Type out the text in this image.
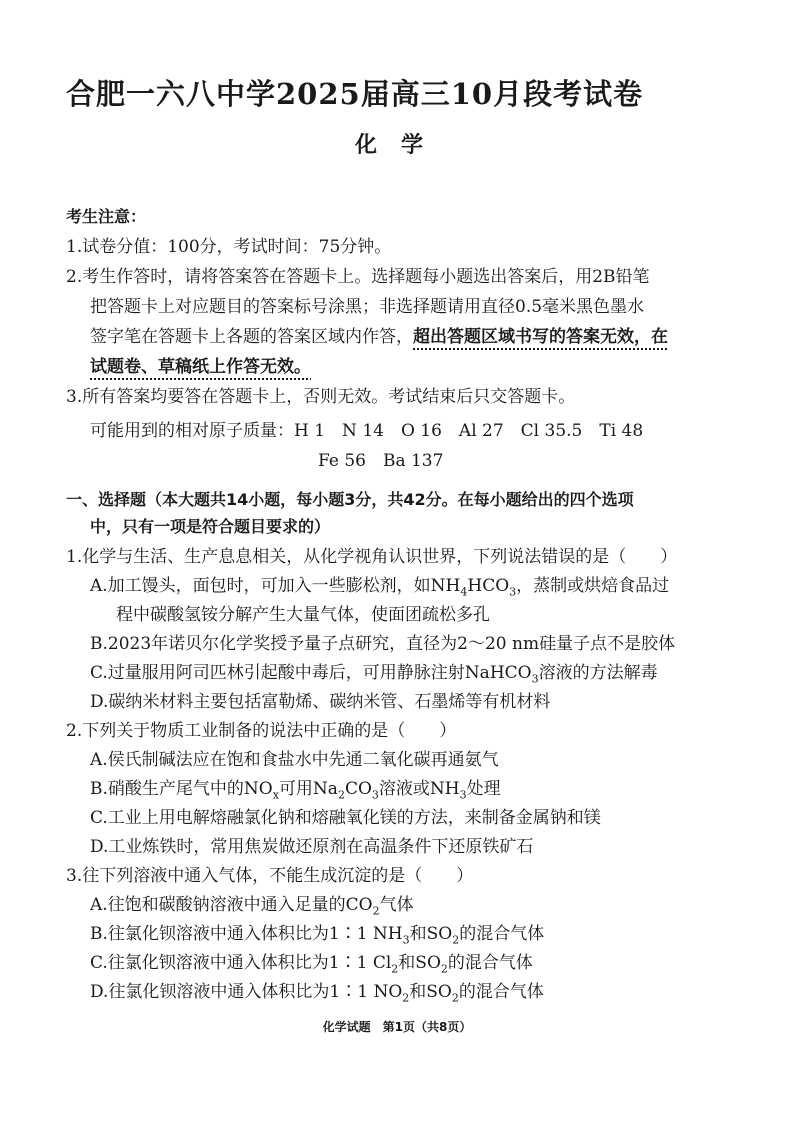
合肥一六八中学2025届高三10月段考试卷
化学
考生注意：
1.试卷分值：100分，考试时间：75分钟。
2.考生作答时，请将答案答在答题卡上。选择题每小题选出答案后，用2B铅笔
把答题卡上对应题目的答案标号涂黑；非选择题请用直径0.5毫米黑色墨水
签字笔在答题卡上各题的答案区域内作答，超出答题区域书写的答案无效，在
试题卷、草稿纸上作答无效。
3.所有答案均要答在答题卡上，否则无效。考试结束后只交答题卡。
可能用到的相对原子质量：H 1　N 14　O 16　Al 27　Cl 35.5　Ti 48
Fe 56　Ba 137
一、选择题（本大题共14小题，每小题3分，共42分。在每小题给出的四个选项
中，只有一项是符合题目要求的）
1.化学与生活、生产息息相关，从化学视角认识世界，下列说法错误的是（　　）
A.加工馒头，面包时，可加入一些膨松剂，如$NH_4HCO_3$，蒸制或烘焙食品过
程中碳酸氢铵分解产生大量气体，使面团疏松多孔
B.2023年诺贝尔化学奖授予量子点研究，直径为2～20 nm硅量子点不是胶体
C.过量服用阿司匹林引起酸中毒后，可用静脉注射NaHCO$_3$溶液的方法解毒
D.碳纳米材料主要包括富勒烯、碳纳米管、石墨烯等有机材料
2.下列关于物质工业制备的说法中正确的是（　　）
A.侯氏制碱法应在饱和食盐水中先通二氧化碳再通氨气
B.硝酸生产尾气中的$NO_x$可用$Na_2CO_3$溶液或$NH_3$处理
C.工业上用电解熔融氯化钠和熔融氧化镁的方法，来制备金属钠和镁
D.工业炼铁时，常用焦炭做还原剂在高温条件下还原铁矿石
3.往下列溶液中通入气体，不能生成沉淀的是（　　）
A.往饱和碳酸钠溶液中通入足量的$CO_2$气体
B.往氯化钡溶液中通入体积比为1∶1 $NH_3$和$SO_2$的混合气体
C.往氯化钡溶液中通入体积比为1∶1 $Cl_2$和$SO_2$的混合气体
D.往氯化钡溶液中通入体积比为1∶1 $NO_2$和$SO_2$的混合气体
化学试题　第1页（共8页）
